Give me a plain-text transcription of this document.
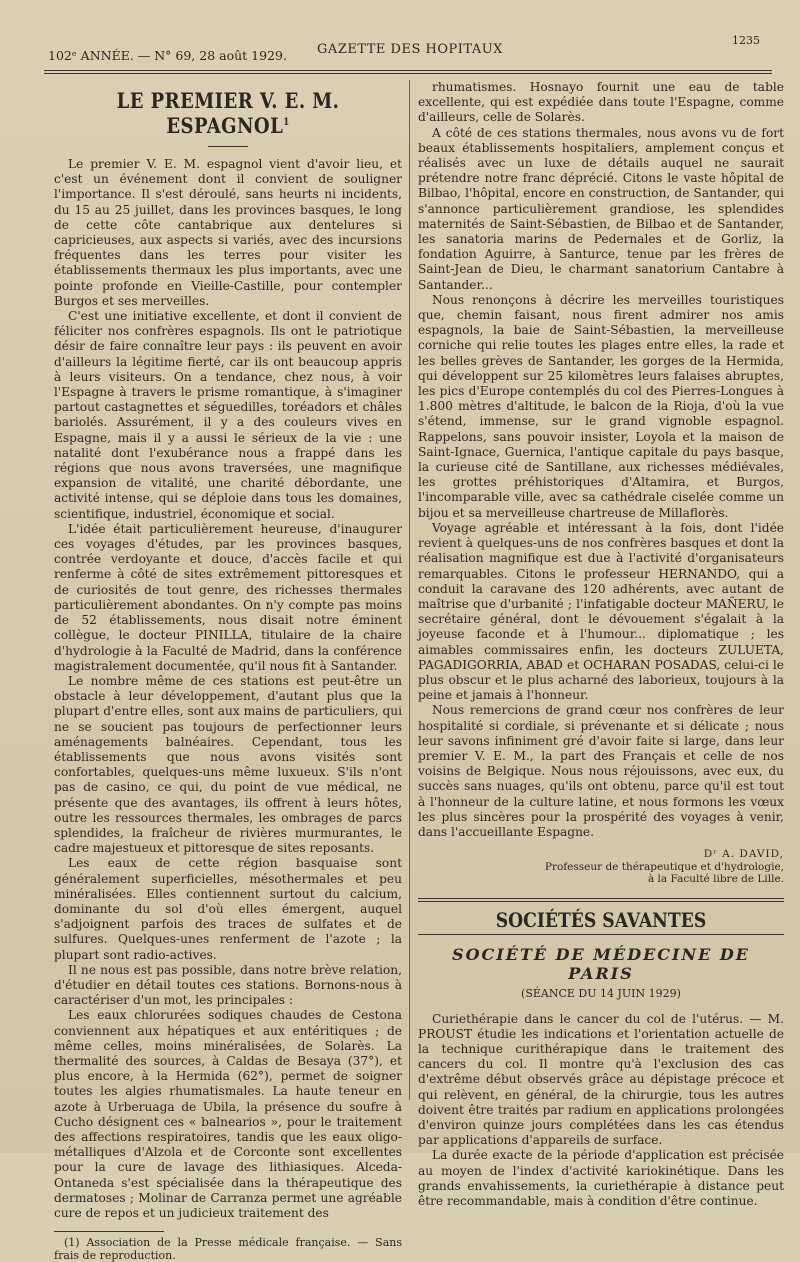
102ᵉ ANNÉE. — N° 69, 28 août 1929.	GAZETTE DES HOPITAUX
1235
LE PREMIER V. E. M. ESPAGNOL$^1$

Le premier V. E. M. espagnol vient d'avoir lieu, et c'est un événement dont il convient de souligner l'importance. Il s'est déroulé, sans heurts ni incidents, du 15 au 25 juillet, dans les provinces basques, le long de cette côte cantabrique aux dentelures si capricieuses, aux aspects si variés, avec des incursions fréquentes dans les terres pour visiter les établissements thermaux les plus importants, avec une pointe profonde en Vieille-Castille, pour contempler Burgos et ses merveilles.

C'est une initiative excellente, et dont il convient de féliciter nos confrères espagnols. Ils ont le patriotique désir de faire connaître leur pays : ils peuvent en avoir d'ailleurs la légitime fierté, car ils ont beaucoup appris à leurs visiteurs. On a tendance, chez nous, à voir l'Espagne à travers le prisme romantique, à s'imaginer partout castagnettes et séguedilles, toréadors et châles bariolés. Assurément, il y a des couleurs vives en Espagne, mais il y a aussi le sérieux de la vie : une natalité dont l'exubérance nous a frappé dans les régions que nous avons traversées, une magnifique expansion de vitalité, une charité débordante, une activité intense, qui se déploie dans tous les domaines, scientifique, industriel, économique et social.

L'idée était particulièrement heureuse, d'inaugurer ces voyages d'études, par les provinces basques, contrée verdoyante et douce, d'accès facile et qui renferme à côté de sites extrêmement pittoresques et de curiosités de tout genre, des richesses thermales particulièrement abondantes. On n'y compte pas moins de 52 établissements, nous disait notre éminent collègue, le docteur PINILLA, titulaire de la chaire d'hydrologie à la Faculté de Madrid, dans la conférence magistralement documentée, qu'il nous fit à Santander.

Le nombre même de ces stations est peut-être un obstacle à leur développement, d'autant plus que la plupart d'entre elles, sont aux mains de particuliers, qui ne se soucient pas toujours de perfectionner leurs aménagements balnéaires. Cependant, tous les établissements que nous avons visités sont confortables, quelques-uns même luxueux. S'ils n'ont pas de casino, ce qui, du point de vue médical, ne présente que des avantages, ils offrent à leurs hôtes, outre les ressources thermales, les ombrages de parcs splendides, la fraîcheur de rivières murmurantes, le cadre majestueux et pittoresque de sites reposants.

Les eaux de cette région basquaise sont généralement superficielles, mésothermales et peu minéralisées. Elles contiennent surtout du calcium, dominante du sol d'où elles émergent, auquel s'adjoignent parfois des traces de sulfates et de sulfures. Quelques-unes renferment de l'azote ; la plupart sont radio-actives.

Il ne nous est pas possible, dans notre brève relation, d'étudier en détail toutes ces stations. Bornons-nous à caractériser d'un mot, les principales :

Les eaux chlorurées sodiques chaudes de Cestona conviennent aux hépatiques et aux entéritiques ; de même celles, moins minéralisées, de Solarès. La thermalité des sources, à Caldas de Besaya (37°), et plus encore, à la Hermida (62°), permet de soigner toutes les algies rhumatismales. La haute teneur en azote à Urberuaga de Ubila, la présence du soufre à Cucho désignent ces « balnearios », pour le traitement des affections respiratoires, tandis que les eaux oligo-métalliques d'Alzola et de Corconte sont excellentes pour la cure de lavage des lithiasiques. Alceda-Ontaneda s'est spécialisée dans la thérapeutique des dermatoses ; Molinar de Carranza permet une agréable cure de repos et un judicieux traitement des

(1) Association de la Presse médicale française. — Sans frais de reproduction.

rhumatismes. Hosnayo fournit une eau de table excellente, qui est expédiée dans toute l'Espagne, comme d'ailleurs, celle de Solarès.

A côté de ces stations thermales, nous avons vu de fort beaux établissements hospitaliers, amplement conçus et réalisés avec un luxe de détails auquel ne saurait prétendre notre franc déprécié. Citons le vaste hôpital de Bilbao, l'hôpital, encore en construction, de Santander, qui s'annonce particulièrement grandiose, les splendides maternités de Saint-Sébastien, de Bilbao et de Santander, les sanatoria marins de Pedernales et de Gorliz, la fondation Aguirre, à Santurce, tenue par les frères de Saint-Jean de Dieu, le charmant sanatorium Cantabre à Santander...

Nous renonçons à décrire les merveilles touristiques que, chemin faisant, nous firent admirer nos amis espagnols, la baie de Saint-Sébastien, la merveilleuse corniche qui relie toutes les plages entre elles, la rade et les belles grèves de Santander, les gorges de la Hermida, qui développent sur 25 kilomètres leurs falaises abruptes, les pics d'Europe contemplés du col des Pierres-Longues à 1.800 mètres d'altitude, le balcon de la Rioja, d'où la vue s'étend, immense, sur le grand vignoble espagnol. Rappelons, sans pouvoir insister, Loyola et la maison de Saint-Ignace, Guernica, l'antique capitale du pays basque, la curieuse cité de Santillane, aux richesses médiévales, les grottes préhistoriques d'Altamira, et Burgos, l'incomparable ville, avec sa cathédrale ciselée comme un bijou et sa merveilleuse chartreuse de Millaflorès.

Voyage agréable et intéressant à la fois, dont l'idée revient à quelques-uns de nos confrères basques et dont la réalisation magnifique est due à l'activité d'organisateurs remarquables. Citons le professeur HERNANDO, qui a conduit la caravane des 120 adhérents, avec autant de maîtrise que d'urbanité ; l'infatigable docteur MAÑERU, le secrétaire général, dont le dévouement s'égalait à la joyeuse faconde et à l'humour... diplomatique ; les aimables commissaires enfin, les docteurs ZULUETA, PAGADIGORRIA, ABAD et OCHARAN POSADAS, celui-ci le plus obscur et le plus acharné des laborieux, toujours à la peine et jamais à l'honneur.

Nous remercions de grand cœur nos confrères de leur hospitalité si cordiale, si prévenante et si délicate ; nous leur savons infiniment gré d'avoir faite si large, dans leur premier V. E. M., la part des Français et celle de nos voisins de Belgique. Nous nous réjouissons, avec eux, du succès sans nuages, qu'ils ont obtenu, parce qu'il est tout à l'honneur de la culture latine, et nous formons les vœux les plus sincères pour la prospérité des voyages à venir, dans l'accueillante Espagne.

Dʳ A. DAVID,
Professeur de thérapeutique et d'hydrologie,
à la Faculté libre de Lille.
SOCIÉTÉS SAVANTES
SOCIÉTÉ DE MÉDECINE DE PARIS
(SÉANCE DU 14 JUIN 1929)

Curiethérapie dans le cancer du col de l'utérus. — M. PROUST étudie les indications et l'orientation actuelle de la technique curithérapique dans le traitement des cancers du col. Il montre qu'à l'exclusion des cas d'extrême début observés grâce au dépistage précoce et qui relèvent, en général, de la chirurgie, tous les autres doivent être traités par radium en applications prolongées d'environ quinze jours complétées dans les cas étendus par applications d'appareils de surface.

La durée exacte de la période d'application est précisée au moyen de l'index d'activité kariokinétique. Dans les grands envahissements, la curiethérapie à distance peut être recommandable, mais à condition d'être continue.
